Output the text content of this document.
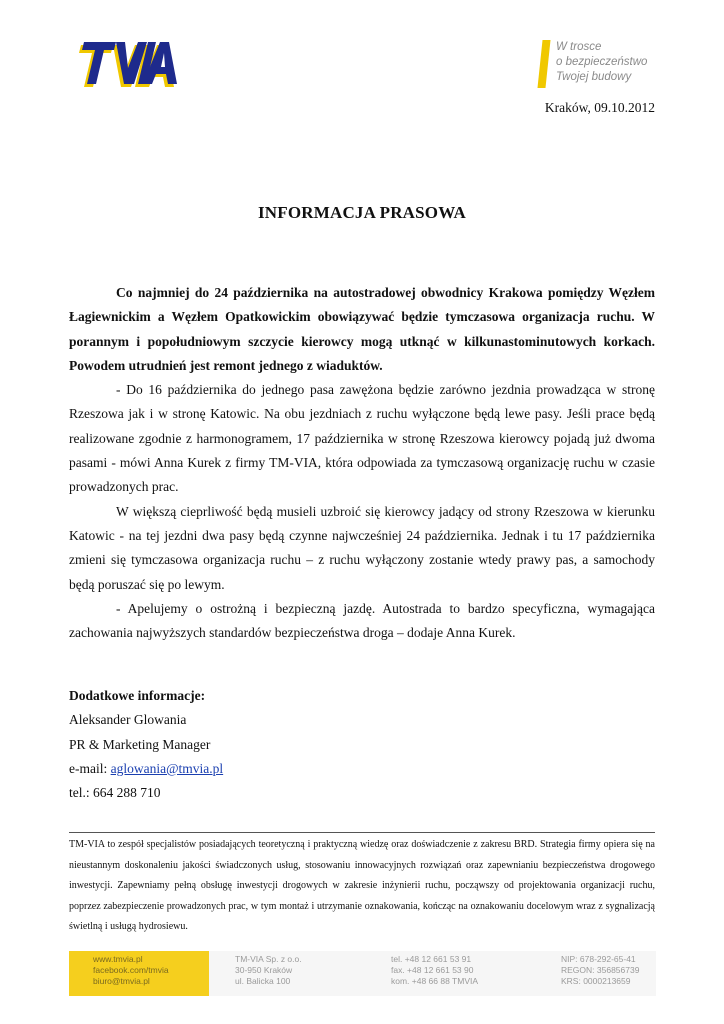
W trosce
o bezpieczeństwo
Twojej budowy
Kraków, 09.10.2012
INFORMACJA PRASOWA

Co najmniej do 24 października na autostradowej obwodnicy Krakowa pomiędzy Węzłem Łagiewnickim a Węzłem Opatkowickim obowiązywać będzie tymczasowa organizacja ruchu. W porannym i popołudniowym szczycie kierowcy mogą utknąć w kilkunastominutowych korkach. Powodem utrudnień jest remont jednego z wiaduktów.

- Do 16 października do jednego pasa zawężona będzie zarówno jezdnia prowadząca w stronę Rzeszowa jak i w stronę Katowic. Na obu jezdniach z ruchu wyłączone będą lewe pasy. Jeśli prace będą realizowane zgodnie z harmonogramem, 17 października w stronę Rzeszowa kierowcy pojadą już dwoma pasami - mówi Anna Kurek z firmy TM-VIA, która odpowiada za tymczasową organizację ruchu w czasie prowadzonych prac.

W większą cieprliwość będą musieli uzbroić się kierowcy jadący od strony Rzeszowa w kierunku Katowic - na tej jezdni dwa pasy będą czynne najwcześniej 24 października. Jednak i tu 17 października zmieni się tymczasowa organizacja ruchu – z ruchu wyłączony zostanie wtedy prawy pas, a samochody będą poruszać się po lewym.

- Apelujemy o ostrożną i bezpieczną jazdę. Autostrada to bardzo specyficzna, wymagająca zachowania najwyższych standardów bezpieczeństwa droga – dodaje Anna Kurek.

Dodatkowe informacje:
Aleksander Glowania
PR & Marketing Manager
e-mail: aglowania@tmvia.pl
tel.: 664 288 710
TM-VIA to zespół specjalistów posiadających teoretyczną i praktyczną wiedzę oraz doświadczenie z zakresu BRD. Strategia firmy opiera się na nieustannym doskonaleniu jakości świadczonych usług, stosowaniu innowacyjnych rozwiązań oraz zapewnianiu bezpieczeństwa drogowego inwestycji. Zapewniamy pełną obsługę inwestycji drogowych w zakresie inżynierii ruchu, począwszy od projektowania organizacji ruchu, poprzez zabezpieczenie prowadzonych prac, w tym montaż i utrzymanie oznakowania, kończąc na oznakowaniu docelowym wraz z sygnalizacją świetlną i usługą hydrosiewu.
www.tmvia.pl
facebook.com/tmvia
biuro@tmvia.pl
TM-VIA Sp. z o.o.
30-950 Kraków
ul. Balicka 100
tel. +48 12 661 53 91
fax. +48 12 661 53 90
kom. +48 66 88 TMVIA
NIP: 678-292-65-41
REGON: 356856739
KRS: 0000213659
